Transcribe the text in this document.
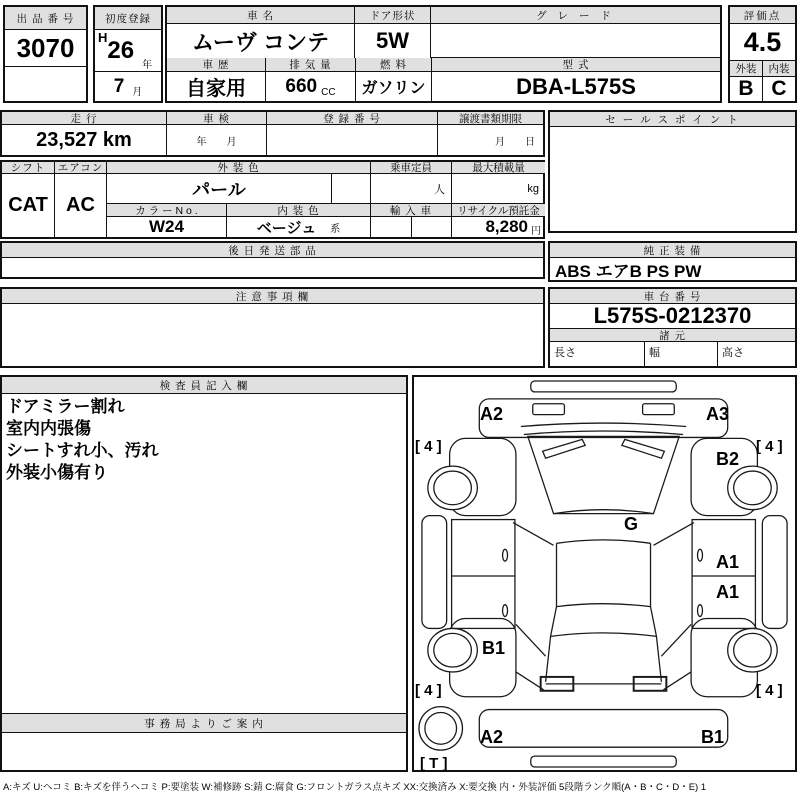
出 品 番 号
3070
初度登録
H 26
年
7 月
車 名
ムーヴ コンテ
ドア形状
5W
グ レ ー ド
車 歴
自家用
排 気 量
660 CC
燃 料
ガソリン
型 式
DBA-L575S
評価点
4.5
外装	内装
B C
走 行
23,527 km
車 検
年　　月
登 録 番 号	譲渡書類期限
月　　日
セ ー ル ス ポ イ ン ト
シフト
CAT
エアコン
AC
外 装 色
パール
乗車定員
人
最大積載量
kg
カ ラ ー N o .
W24
内 装 色
ベージュ 系
輸 入 車	リサイクル預託金
8,280 円
後 日 発 送 部 品	純 正 装 備
ABS エアB PS PW
注 意 事 項 欄	車 台 番 号
L575S-0212370
諸 元
長さ	幅	高さ
検 査 員 記 入 欄
ドアミラー割れ
室内内張傷
シートすれ小、汚れ
外装小傷有り
事 務 局 よ り ご 案 内
A2	A3
[ 4 ]	[ 4 ]
B2
G
A1
A1
B1
[ 4 ]	[ 4 ]
A2	B1
[ T ]
A:キズ U:ヘコミ B:キズを伴うヘコミ P:要塗装 W:補修跡 S:錆 C:腐食 G:フロントガラス点キズ XX:交換済み X:要交換 内・外装評価 5段階ランク順(A・B・C・D・E) 1
